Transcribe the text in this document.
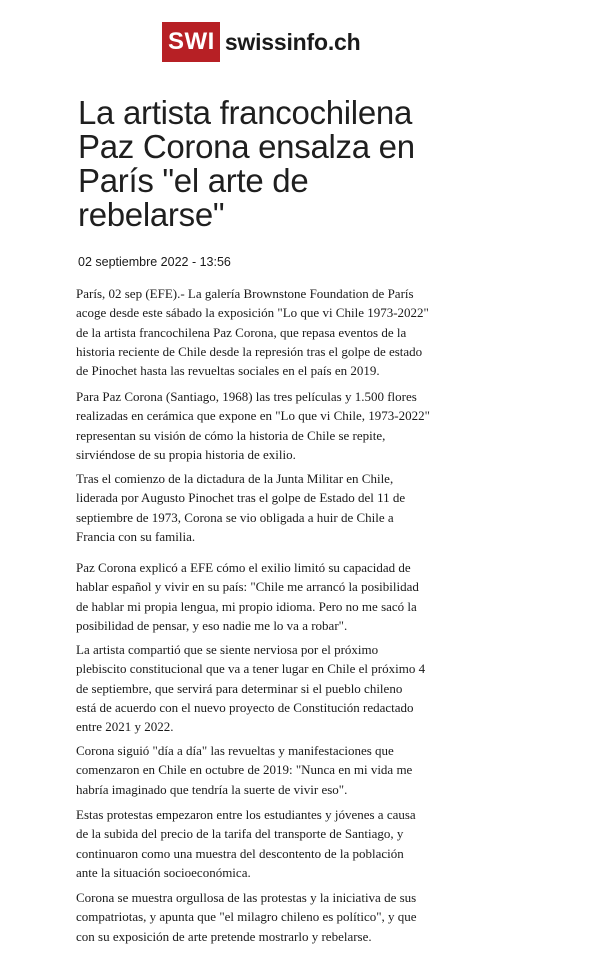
SWI swissinfo.ch
La artista francochilena
Paz Corona ensalza en
París "el arte de
rebelarse"
02 septiembre 2022 - 13:56

París, 02 sep (EFE).- La galería Brownstone Foundation de París
acoge desde este sábado la exposición "Lo que vi Chile 1973-2022"
de la artista francochilena Paz Corona, que repasa eventos de la
historia reciente de Chile desde la represión tras el golpe de estado
de Pinochet hasta las revueltas sociales en el país en 2019.

Para Paz Corona (Santiago, 1968) las tres películas y 1.500 flores
realizadas en cerámica que expone en "Lo que vi Chile, 1973-2022"
representan su visión de cómo la historia de Chile se repite,
sirviéndose de su propia historia de exilio.

Tras el comienzo de la dictadura de la Junta Militar en Chile,
liderada por Augusto Pinochet tras el golpe de Estado del 11 de
septiembre de 1973, Corona se vio obligada a huir de Chile a
Francia con su familia.

Paz Corona explicó a EFE cómo el exilio limitó su capacidad de
hablar español y vivir en su país: "Chile me arrancó la posibilidad
de hablar mi propia lengua, mi propio idioma. Pero no me sacó la
posibilidad de pensar, y eso nadie me lo va a robar".

La artista compartió que se siente nerviosa por el próximo
plebiscito constitucional que va a tener lugar en Chile el próximo 4
de septiembre, que servirá para determinar si el pueblo chileno
está de acuerdo con el nuevo proyecto de Constitución redactado
entre 2021 y 2022.

Corona siguió "día a día" las revueltas y manifestaciones que
comenzaron en Chile en octubre de 2019: "Nunca en mi vida me
habría imaginado que tendría la suerte de vivir eso".

Estas protestas empezaron entre los estudiantes y jóvenes a causa
de la subida del precio de la tarifa del transporte de Santiago, y
continuaron como una muestra del descontento de la población
ante la situación socioeconómica.

Corona se muestra orgullosa de las protestas y la iniciativa de sus
compatriotas, y apunta que "el milagro chileno es político", y que
con su exposición de arte pretende mostrarlo y rebelarse.
